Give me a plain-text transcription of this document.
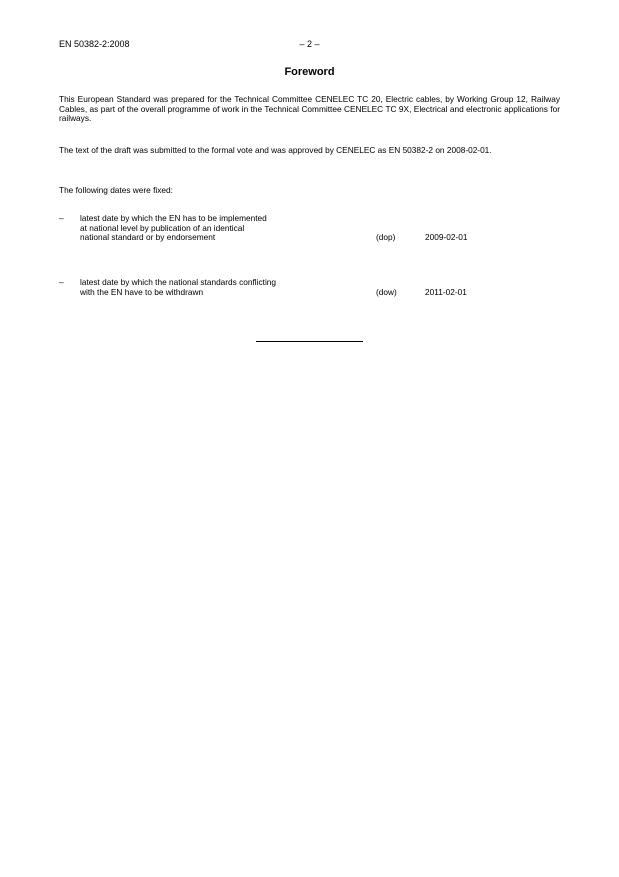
EN 50382-2:2008	– 2 –
Foreword
This European Standard was prepared for the Technical Committee CENELEC TC 20, Electric cables, by Working Group 12, Railway Cables, as part of the overall programme of work in the Technical Committee CENELEC TC 9X, Electrical and electronic applications for railways.
The text of the draft was submitted to the formal vote and was approved by CENELEC as EN 50382-2 on 2008-02-01.
The following dates were fixed:
–	latest date by which the EN has to be implemented
at national level by publication of an identical
national standard or by endorsement	(dop)	2009-02-01
–	latest date by which the national standards conflicting
with the EN have to be withdrawn	(dow)	2011-02-01
